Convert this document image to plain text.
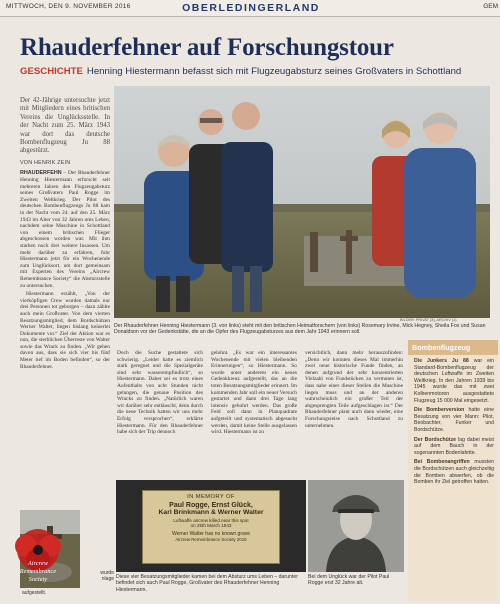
MITTWOCH, DEN 9. NOVEMBER 2016	OBERLEDINGERLAND	GEM
Rhauderfehner auf Forschungstour
GESCHICHTE Henning Hiestermann befasst sich mit Flugzeugabsturz seines Großvaters in Schottland

Der 42-Jährige untersuchte jetzt mit Mitgliedern eines britischen Vereins die Unglücksstelle. In der Nacht zum 25. März 1943 war dort das deutsche Bombenflugzeug Ju 88 abgestürzt.

VON HENRIK ZEIN

RHAUDERFEHN – Der Rhauderfehner Henning Hiestermann erforscht seit mehreren Jahren den Flugzeugabsturz seines Großvaters Paul Rogge im Zweiten Weltkrieg. Der Pilot des deutschen Bombenflugzeugs Ju 88 kam in der Nacht vom 24. auf den 25. März 1943 im Alter von 32 Jahren ums Leben, nachdem seine Maschine in Schottland von einem britischen Flieger abgeschossen worden war. Mit ihm starben noch drei weitere Insassen. Um mehr darüber zu erfahren, fuhr Hiestermann jetzt für ein Wochenende zum Unglücksort, um dort gemeinsam mit Experten des Vereins „Aircrew Remembrance Society“ die Absturzstelle zu untersuchen.

Hiestermann erzählt, „Von der vierköpfigen Crew wurden damals nur drei Personen tot geborgen – dazu zählte auch mein Großvater. Von dem vierten Besatzungsmitglied, dem Bordschützen Werner Walter, liegen bislang keinerlei Dokumente vor.“ Ziel der Aktion war es nun, die sterblichen Überreste von Walter sowie das Wrack zu finden. „Wir gehen davon aus, dass sie sich vier bis fünf Meter tief im Boden befinden“, so der Rhauderfehner.

BILDER: PRIVAT (3), ARCHIV (1)
Der Rhauderfehner Henning Hiestermann (3. von links) steht mit den britischen Heimatforschern (von links) Rosemary Irvine, Mick Hegney, Sheila Fox und Susan Donaldson vor der Gedenkstätte, die an die Opfer des Flugzeugabsturzes aus dem Jahr 1943 erinnern soll.
Doch die Suche gestaltete sich schwierig. „Leider hatte es ziemlich stark geregnet und die Spezialgeräte sind sehr wasserempfindlich“, so Hiestermann. Daher sei es trotz eines Aufenthalts von acht Stunden nicht gelungen, die genaue Position des Wracks zu finden. „Natürlich waren wir darüber sehr enttäuscht, denn durch die neue Technik hatten wir uns mehr Erfolg versprochen“, erklärte Hiestermann. Für den Rhauderfehner habe sich der Trip dennoch
gelohnt. „Es war ein interessantes Wochenende mit vielen bleibenden Erinnerungen“, so Hiestermann. So wurde unter anderem ein neues Gedenkkreuz aufgestellt, das an die toten Besatzungsmitglieder erinnert. Im kommenden Jahr soll ein neuer Versuch gestartet und dann drei Tage lang intensiv gebohrt werden. Das große Feld soll dann in Planquadrate aufgeteilt und systematisch abgesucht werden, damit keine Stelle ausgelassen wird. Hiestermann ist zu
versichtlich, dann mehr herauszufinden: „Denn wir konnten dieses Mal immerhin zwei neue historische Funde finden, an denen aufgrund der sehr konzentrierten Vielzahl von Fundstücken zu vermuten ist, dass nahe einer dieser Stellen die Maschine liegen muss und an der anderen wahrscheinlich ein großer Teil der abgesprengten Teile aufgeschlagen ist.“ Der Rhauderfehner plant auch dann wieder, eine Forschungsreise nach Schottland zu unternehmen.
Aircrew
Remembrance
Society
wurde
nlage
aufgestellt.
IN MEMORY OF
Paul Rogge, Ernst Glück,
Karl Brinkmann & Werner Walter
Luftwaffe aircrew killed near this spot
on 25th March 1943
Werner Walter has no known grave
Aircrew Remembrance Society 2016
Diese vier Besatzungsmitglieder kamen bei dem Absturz ums Leben – darunter befindet sich auch Paul Rogge, Großvater des Rhauderfehner Henning Hiestermann.
Bei dem Unglück war der Pilot Paul Rogge erst 32 Jahre alt.
Bombenflugzeug

Die Junkers Ju 88 war ein Standard-Bombenflugzeug der deutschen Luftwaffe im Zweiten Weltkrieg. In den Jahren 1939 bis 1945 wurde das mit zwei Kolbenmotoren ausgestattete Flugzeug 15 000 Mal eingesetzt.

Die Bomberversion hatte eine Besatzung von vier Mann: Pilot, Beobachter, Funker und Bordschütze.

Der Bordschütze lag dabei meist auf dem Bauch in der sogenannten Bodenlafette.

Bei Bombenangriffen mussten die Bordschützen auch gleichzeitig die Bomben abwerfen, ob die Bomben ihr Ziel getroffen hatten.
